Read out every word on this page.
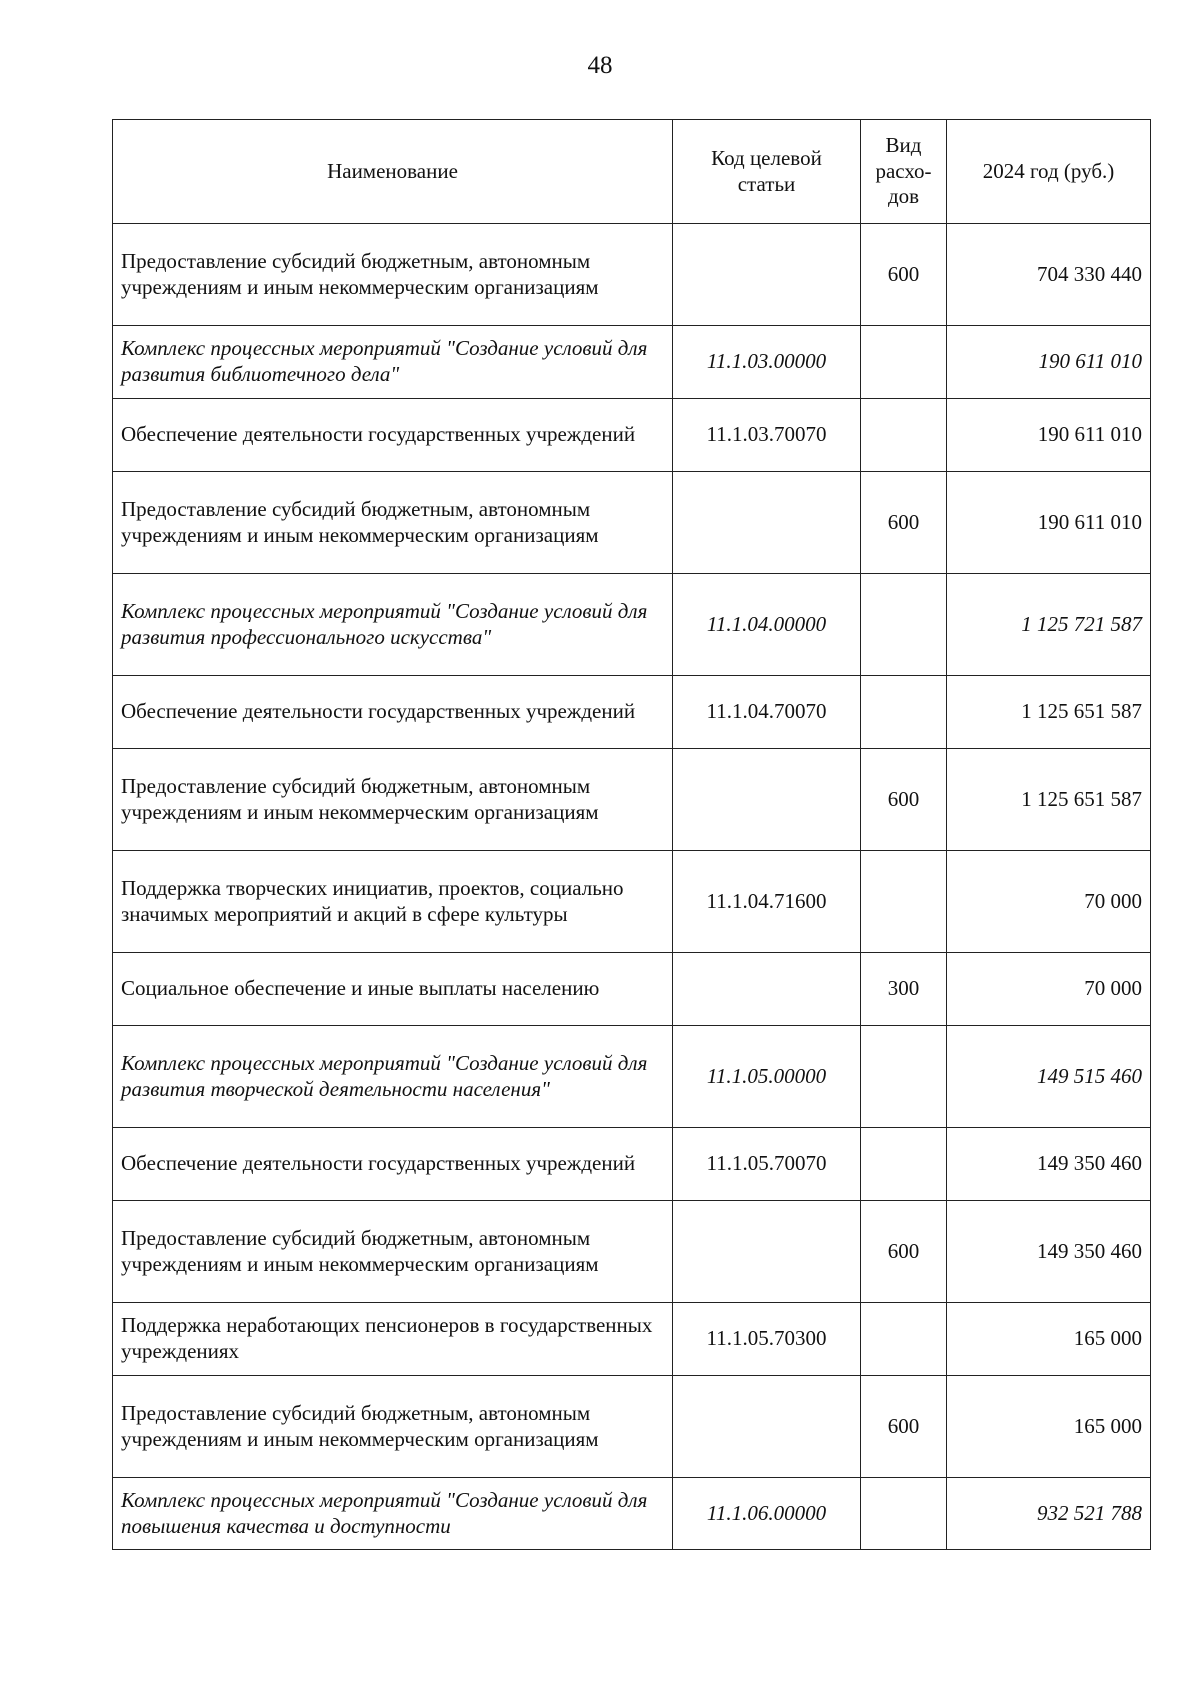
48
Наименование	Код целевой статьи	Вид расхо-дов	2024 год (руб.)
Предоставление субсидий бюджетным, автономным учреждениям и иным некоммерческим организациям		600	704 330 440
Комплекс процессных мероприятий "Создание условий для развития библиотечного дела"	11.1.03.00000		190 611 010
Обеспечение деятельности государственных учреждений	11.1.03.70070		190 611 010
Предоставление субсидий бюджетным, автономным учреждениям и иным некоммерческим организациям		600	190 611 010
Комплекс процессных мероприятий "Создание условий для развития профессионального искусства"	11.1.04.00000		1 125 721 587
Обеспечение деятельности государственных учреждений	11.1.04.70070		1 125 651 587
Предоставление субсидий бюджетным, автономным учреждениям и иным некоммерческим организациям		600	1 125 651 587
Поддержка творческих инициатив, проектов, социально значимых мероприятий и акций в сфере культуры	11.1.04.71600		70 000
Социальное обеспечение и иные выплаты населению		300	70 000
Комплекс процессных мероприятий "Создание условий для развития творческой деятельности населения"	11.1.05.00000		149 515 460
Обеспечение деятельности государственных учреждений	11.1.05.70070		149 350 460
Предоставление субсидий бюджетным, автономным учреждениям и иным некоммерческим организациям		600	149 350 460
Поддержка неработающих пенсионеров в государственных учреждениях	11.1.05.70300		165 000
Предоставление субсидий бюджетным, автономным учреждениям и иным некоммерческим организациям		600	165 000
Комплекс процессных мероприятий "Создание условий для повышения качества и доступности	11.1.06.00000		932 521 788
